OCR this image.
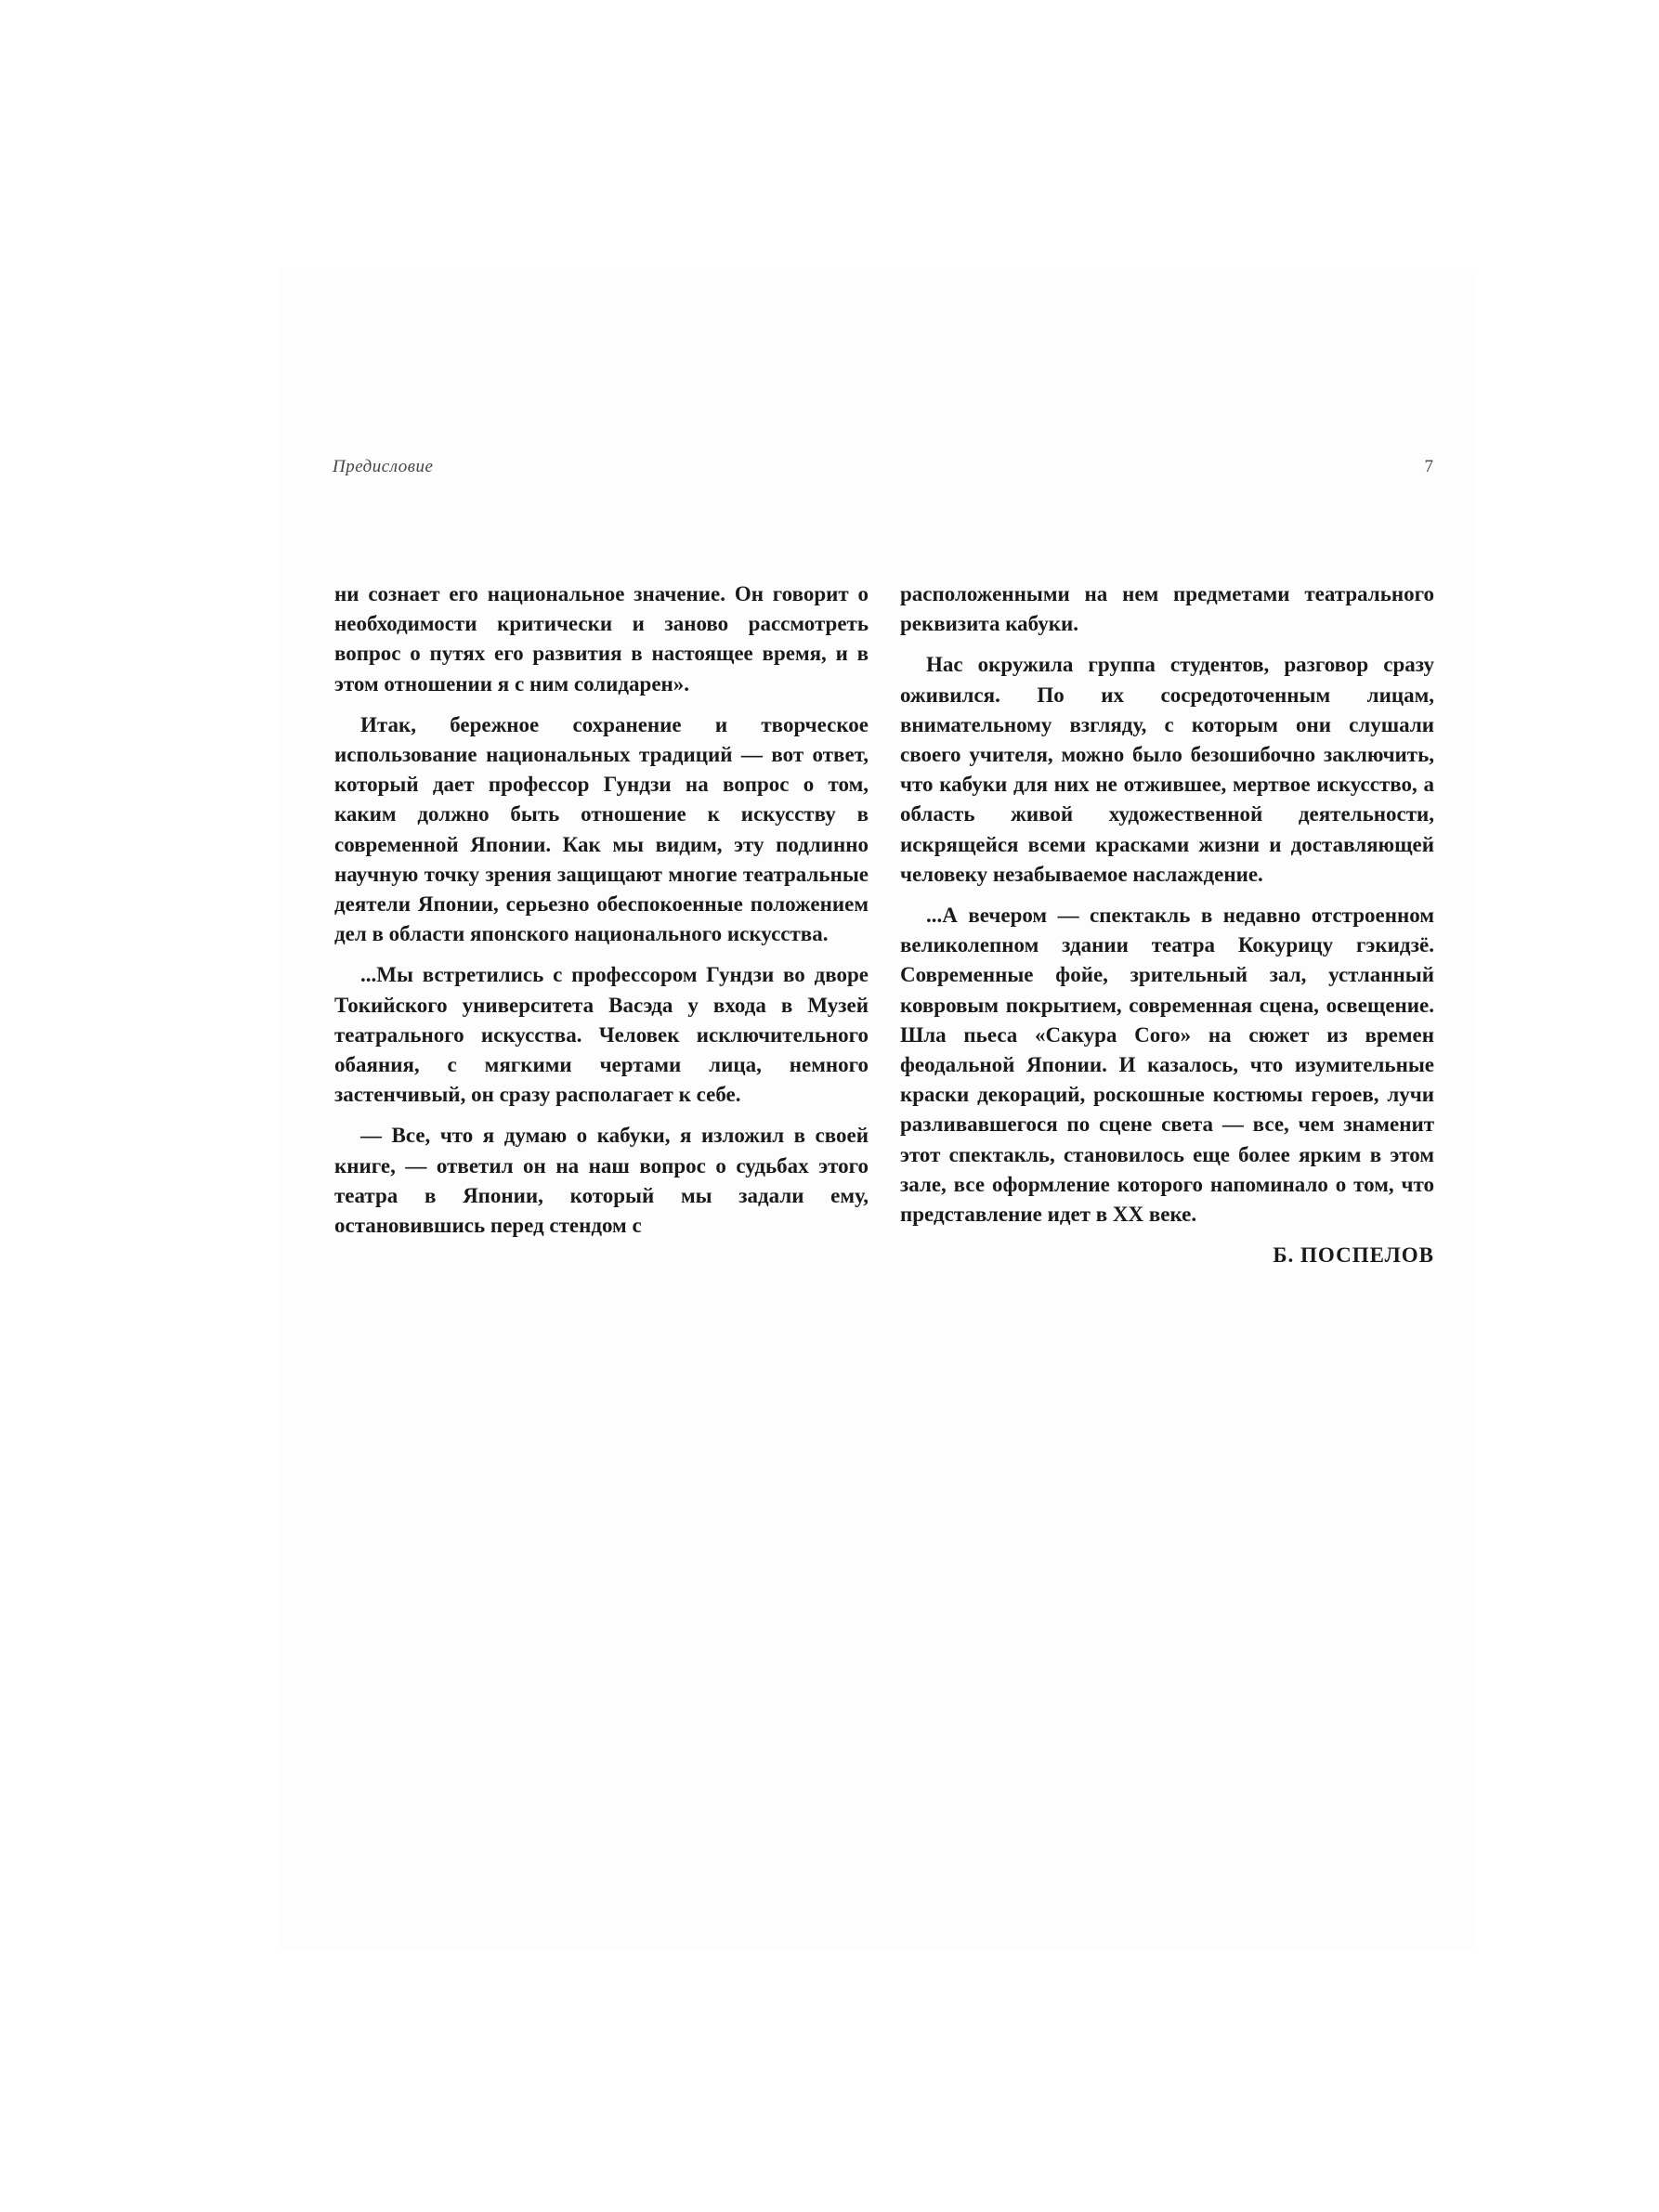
Предисловие	7

ни сознает его национальное значение. Он говорит о необходимости критически и заново рассмотреть вопрос о путях его развития в настоящее время, и в этом отношении я с ним солидарен».

Итак, бережное сохранение и творческое использование национальных традиций — вот ответ, который дает профессор Гундзи на вопрос о том, каким должно быть отношение к искусству в современной Японии. Как мы видим, эту подлинно научную точку зрения защищают многие театральные деятели Японии, серьезно обеспокоенные положением дел в области японского национального искусства.

...Мы встретились с профессором Гундзи во дворе Токийского университета Васэда у входа в Музей театрального искусства. Человек исключительного обаяния, с мягкими чертами лица, немного застенчивый, он сразу располагает к себе.

— Все, что я думаю о кабуки, я изложил в своей книге, — ответил он на наш вопрос о судьбах этого театра в Японии, который мы задали ему, остановившись перед стендом с

расположенными на нем предметами театрального реквизита кабуки.

Нас окружила группа студентов, разговор сразу оживился. По их сосредоточенным лицам, внимательному взгляду, с которым они слушали своего учителя, можно было безошибочно заключить, что кабуки для них не отжившее, мертвое искусство, а область живой художественной деятельности, искрящейся всеми красками жизни и доставляющей человеку незабываемое наслаждение.

...А вечером — спектакль в недавно отстроенном великолепном здании театра Кокурицу гэкидзё. Современные фойе, зрительный зал, устланный ковровым покрытием, современная сцена, освещение. Шла пьеса «Сакура Сого» на сюжет из времен феодальной Японии. И казалось, что изумительные краски декораций, роскошные костюмы героев, лучи разливавшегося по сцене света — все, чем знаменит этот спектакль, становилось еще более ярким в этом зале, все оформление которого напоминало о том, что представление идет в XX веке.

Б. ПОСПЕЛОВ
